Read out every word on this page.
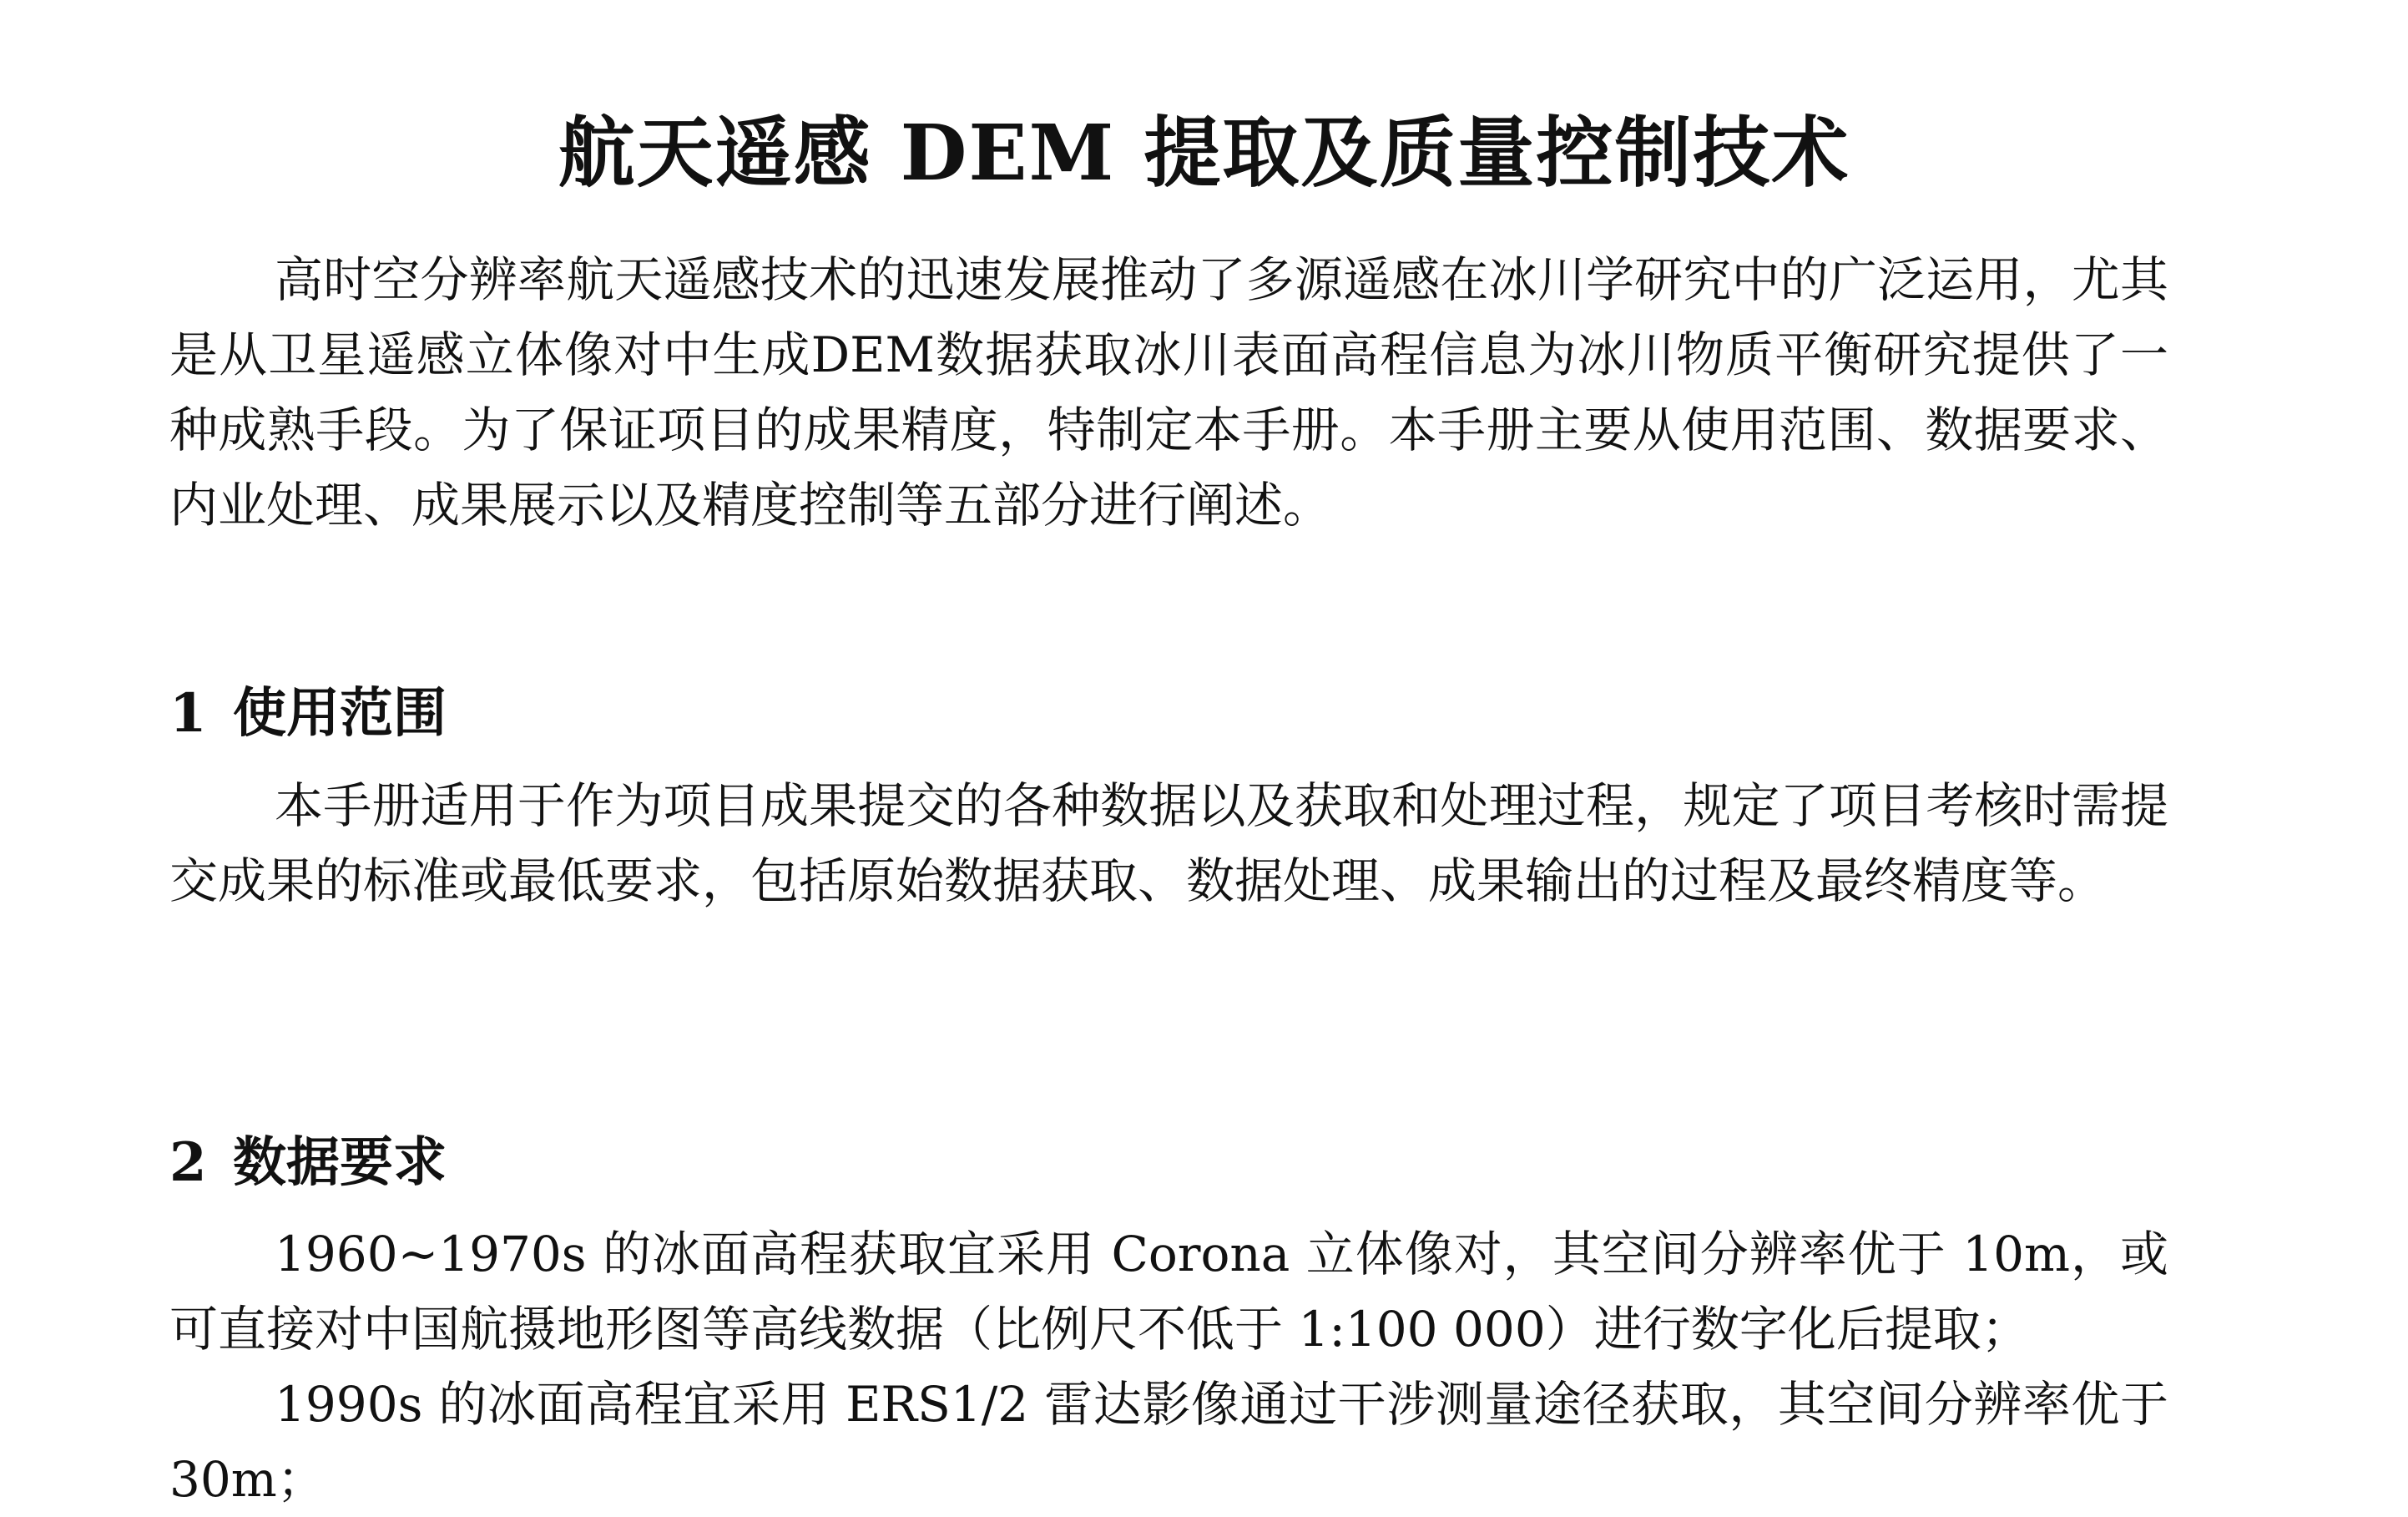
航天遥感 DEM 提取及质量控制技术

高时空分辨率航天遥感技术的迅速发展推动了多源遥感在冰川学研究中的广泛运用，尤其是从卫星遥感立体像对中生成DEM数据获取冰川表面高程信息为冰川物质平衡研究提供了一种成熟手段。为了保证项目的成果精度，特制定本手册。本手册主要从使用范围、数据要求、内业处理、成果展示以及精度控制等五部分进行阐述。

1 使用范围

本手册适用于作为项目成果提交的各种数据以及获取和处理过程，规定了项目考核时需提交成果的标准或最低要求，包括原始数据获取、数据处理、成果输出的过程及最终精度等。

2 数据要求

1960~1970s 的冰面高程获取宜采用 Corona 立体像对，其空间分辨率优于 10m，或可直接对中国航摄地形图等高线数据（比例尺不低于 1:100 000）进行数字化后提取；

1990s 的冰面高程宜采用 ERS1/2 雷达影像通过干涉测量途径获取，其空间分辨率优于 30m；
